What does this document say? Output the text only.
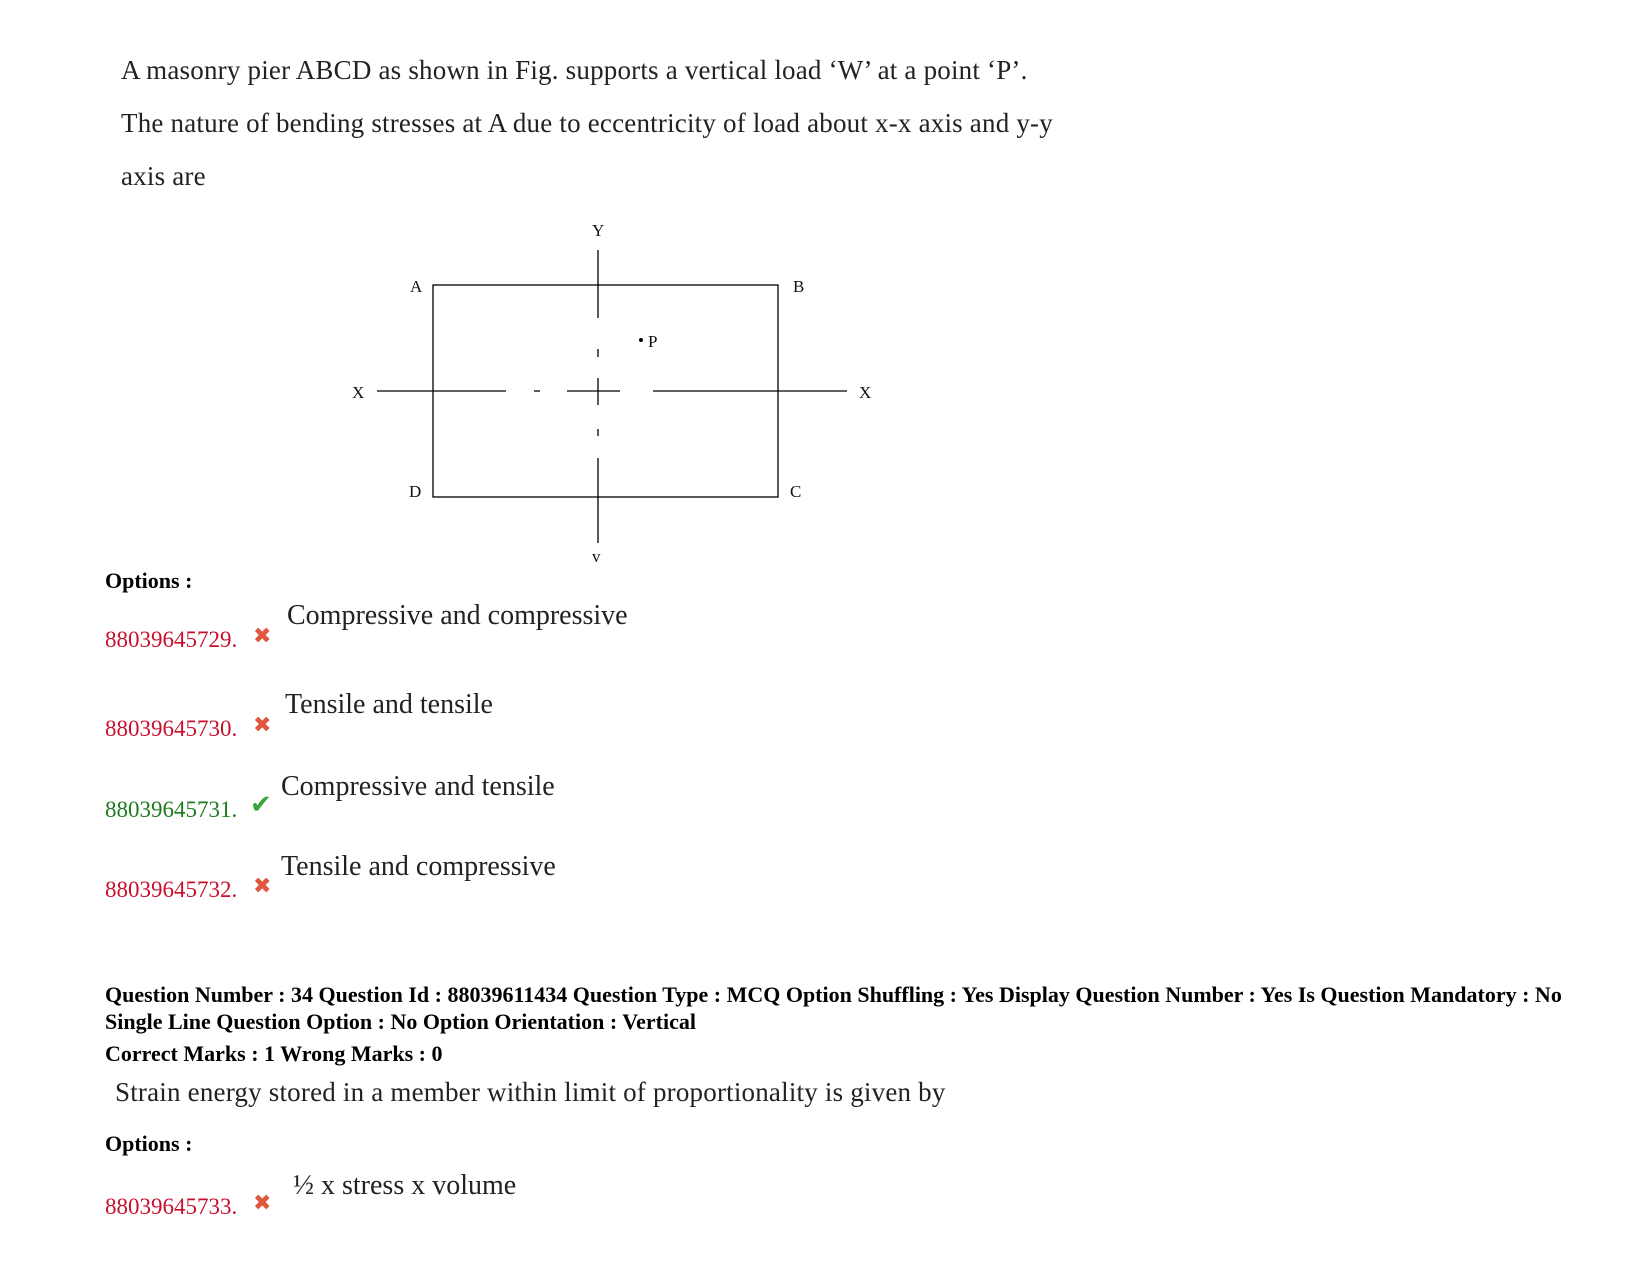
A masonry pier ABCD as shown in Fig. supports a vertical load ‘W’ at a point ‘P’.
The nature of bending stresses at A due to eccentricity of load about x-x axis and y-y
axis are
Y
v
X	X
A	B
C
D
P
Options :
88039645729. ✖
Compressive and compressive
88039645730. ✖
Tensile and tensile
88039645731. ✔
Compressive and tensile
88039645732. ✖
Tensile and compressive
Question Number : 34 Question Id : 88039611434 Question Type : MCQ Option Shuffling : Yes Display Question Number : Yes Is Question Mandatory : No Single Line Question Option : No Option Orientation : Vertical
Correct Marks : 1 Wrong Marks : 0
Strain energy stored in a member within limit of proportionality is given by
Options :
88039645733. ✖
½ x stress x volume
